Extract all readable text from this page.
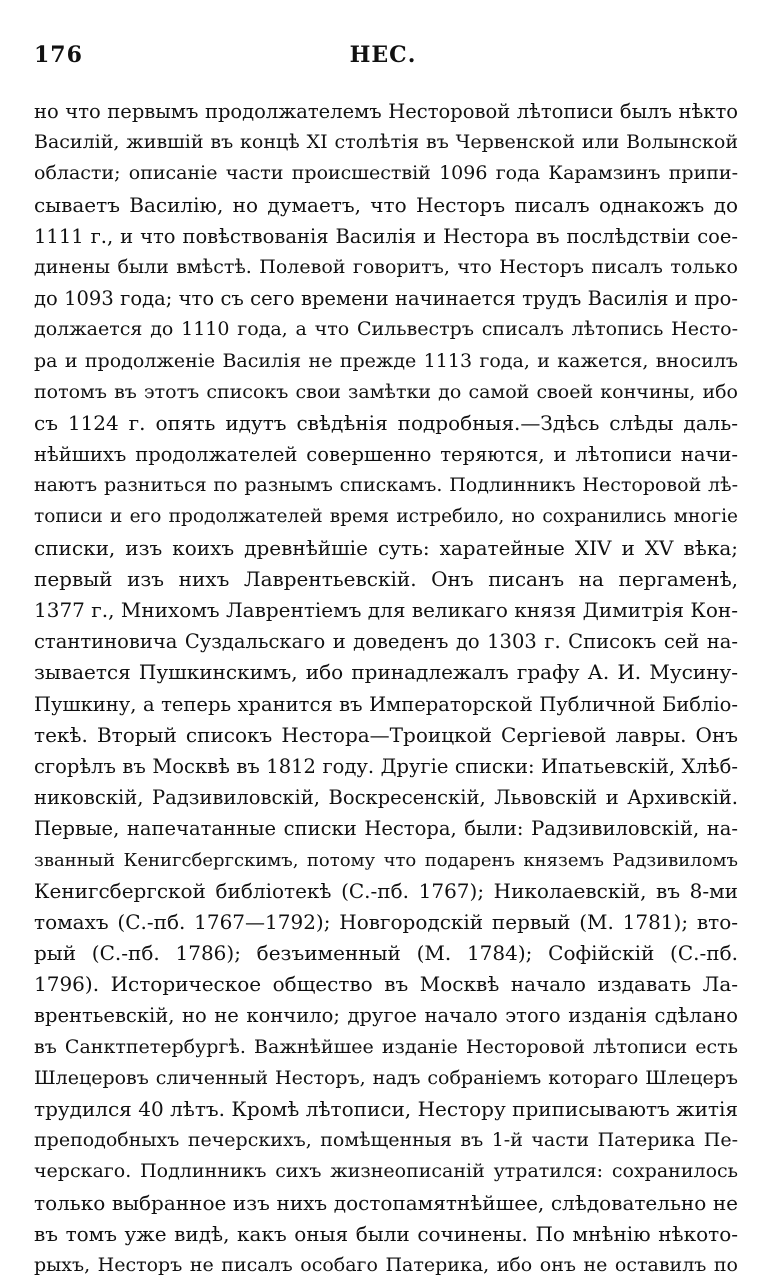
176	НЕС.
но что первымъ продолжателемъ Несторовой лѣтописи былъ нѣкто
Василій, жившій въ концѣ XI столѣтія въ Червенской или Волынской
области; описаніе части происшествій 1096 года Карамзинъ припи-
сываетъ Василію, но думаетъ, что Несторъ писалъ однакожъ до
1111 г., и что повѣствованія Василія и Нестора въ послѣдствіи сое-
динены были вмѣстѣ. Полевой говоритъ, что Несторъ писалъ только
до 1093 года; что съ сего времени начинается трудъ Василія и про-
должается до 1110 года, а что Сильвестръ списалъ лѣтопись Несто-
ра и продолженіе Василія не прежде 1113 года, и кажется, вносилъ
потомъ въ этотъ списокъ свои замѣтки до самой своей кончины, ибо
съ 1124 г. опять идутъ свѣдѣнія подробныя.—Здѣсь слѣды даль-
нѣйшихъ продолжателей совершенно теряются, и лѣтописи начи-
наютъ разниться по разнымъ спискамъ. Подлинникъ Несторовой лѣ-
тописи и его продолжателей время истребило, но сохранились многіе
списки, изъ коихъ древнѣйшіе суть: харатейные XIV и XV вѣка;
первый изъ нихъ Лаврентьевскій. Онъ писанъ на пергаменѣ,
1377 г., Мнихомъ Лаврентіемъ для великаго князя Димитрія Кон-
стантиновича Суздальскаго и доведенъ до 1303 г. Списокъ сей на-
зывается Пушкинскимъ, ибо принадлежалъ графу А. И. Мусину-
Пушкину, а теперь хранится въ Императорской Публичной Библіо-
текѣ. Вторый списокъ Нестора—Троицкой Сергіевой лавры. Онъ
сгорѣлъ въ Москвѣ въ 1812 году. Другіе списки: Ипатьевскій, Хлѣб-
никовскій, Радзивиловскій, Воскресенскій, Львовскій и Архивскій.
Первые, напечатанные списки Нестора, были: Радзивиловскій, на-
званный Кенигсбергскимъ, потому что подаренъ княземъ Радзивиломъ
Кенигсбергской библіотекѣ (С.-пб. 1767); Николаевскій, въ 8-ми
томахъ (С.-пб. 1767—1792); Новгородскій первый (М. 1781); вто-
рый (С.-пб. 1786); безъименный (М. 1784); Софійскій (С.-пб.
1796). Историческое общество въ Москвѣ начало издавать Ла-
врентьевскій, но не кончило; другое начало этого изданія сдѣлано
въ Санктпетербургѣ. Важнѣйшее изданіе Несторовой лѣтописи есть
Шлецеровъ сличенный Несторъ, надъ собраніемъ котораго Шлецеръ
трудился 40 лѣтъ. Кромѣ лѣтописи, Нестору приписываютъ житія
преподобныхъ печерскихъ, помѣщенныя въ 1-й части Патерика Пе-
черскаго. Подлинникъ сихъ жизнеописаній утратился: сохранилось
только выбранное изъ нихъ достопамятнѣйшее, слѣдовательно не
въ томъ уже видѣ, какъ оныя были сочинены. По мнѣнію нѣкото-
рыхъ, Несторъ не писалъ особаго Патерика, ибо онъ не оставилъ по
